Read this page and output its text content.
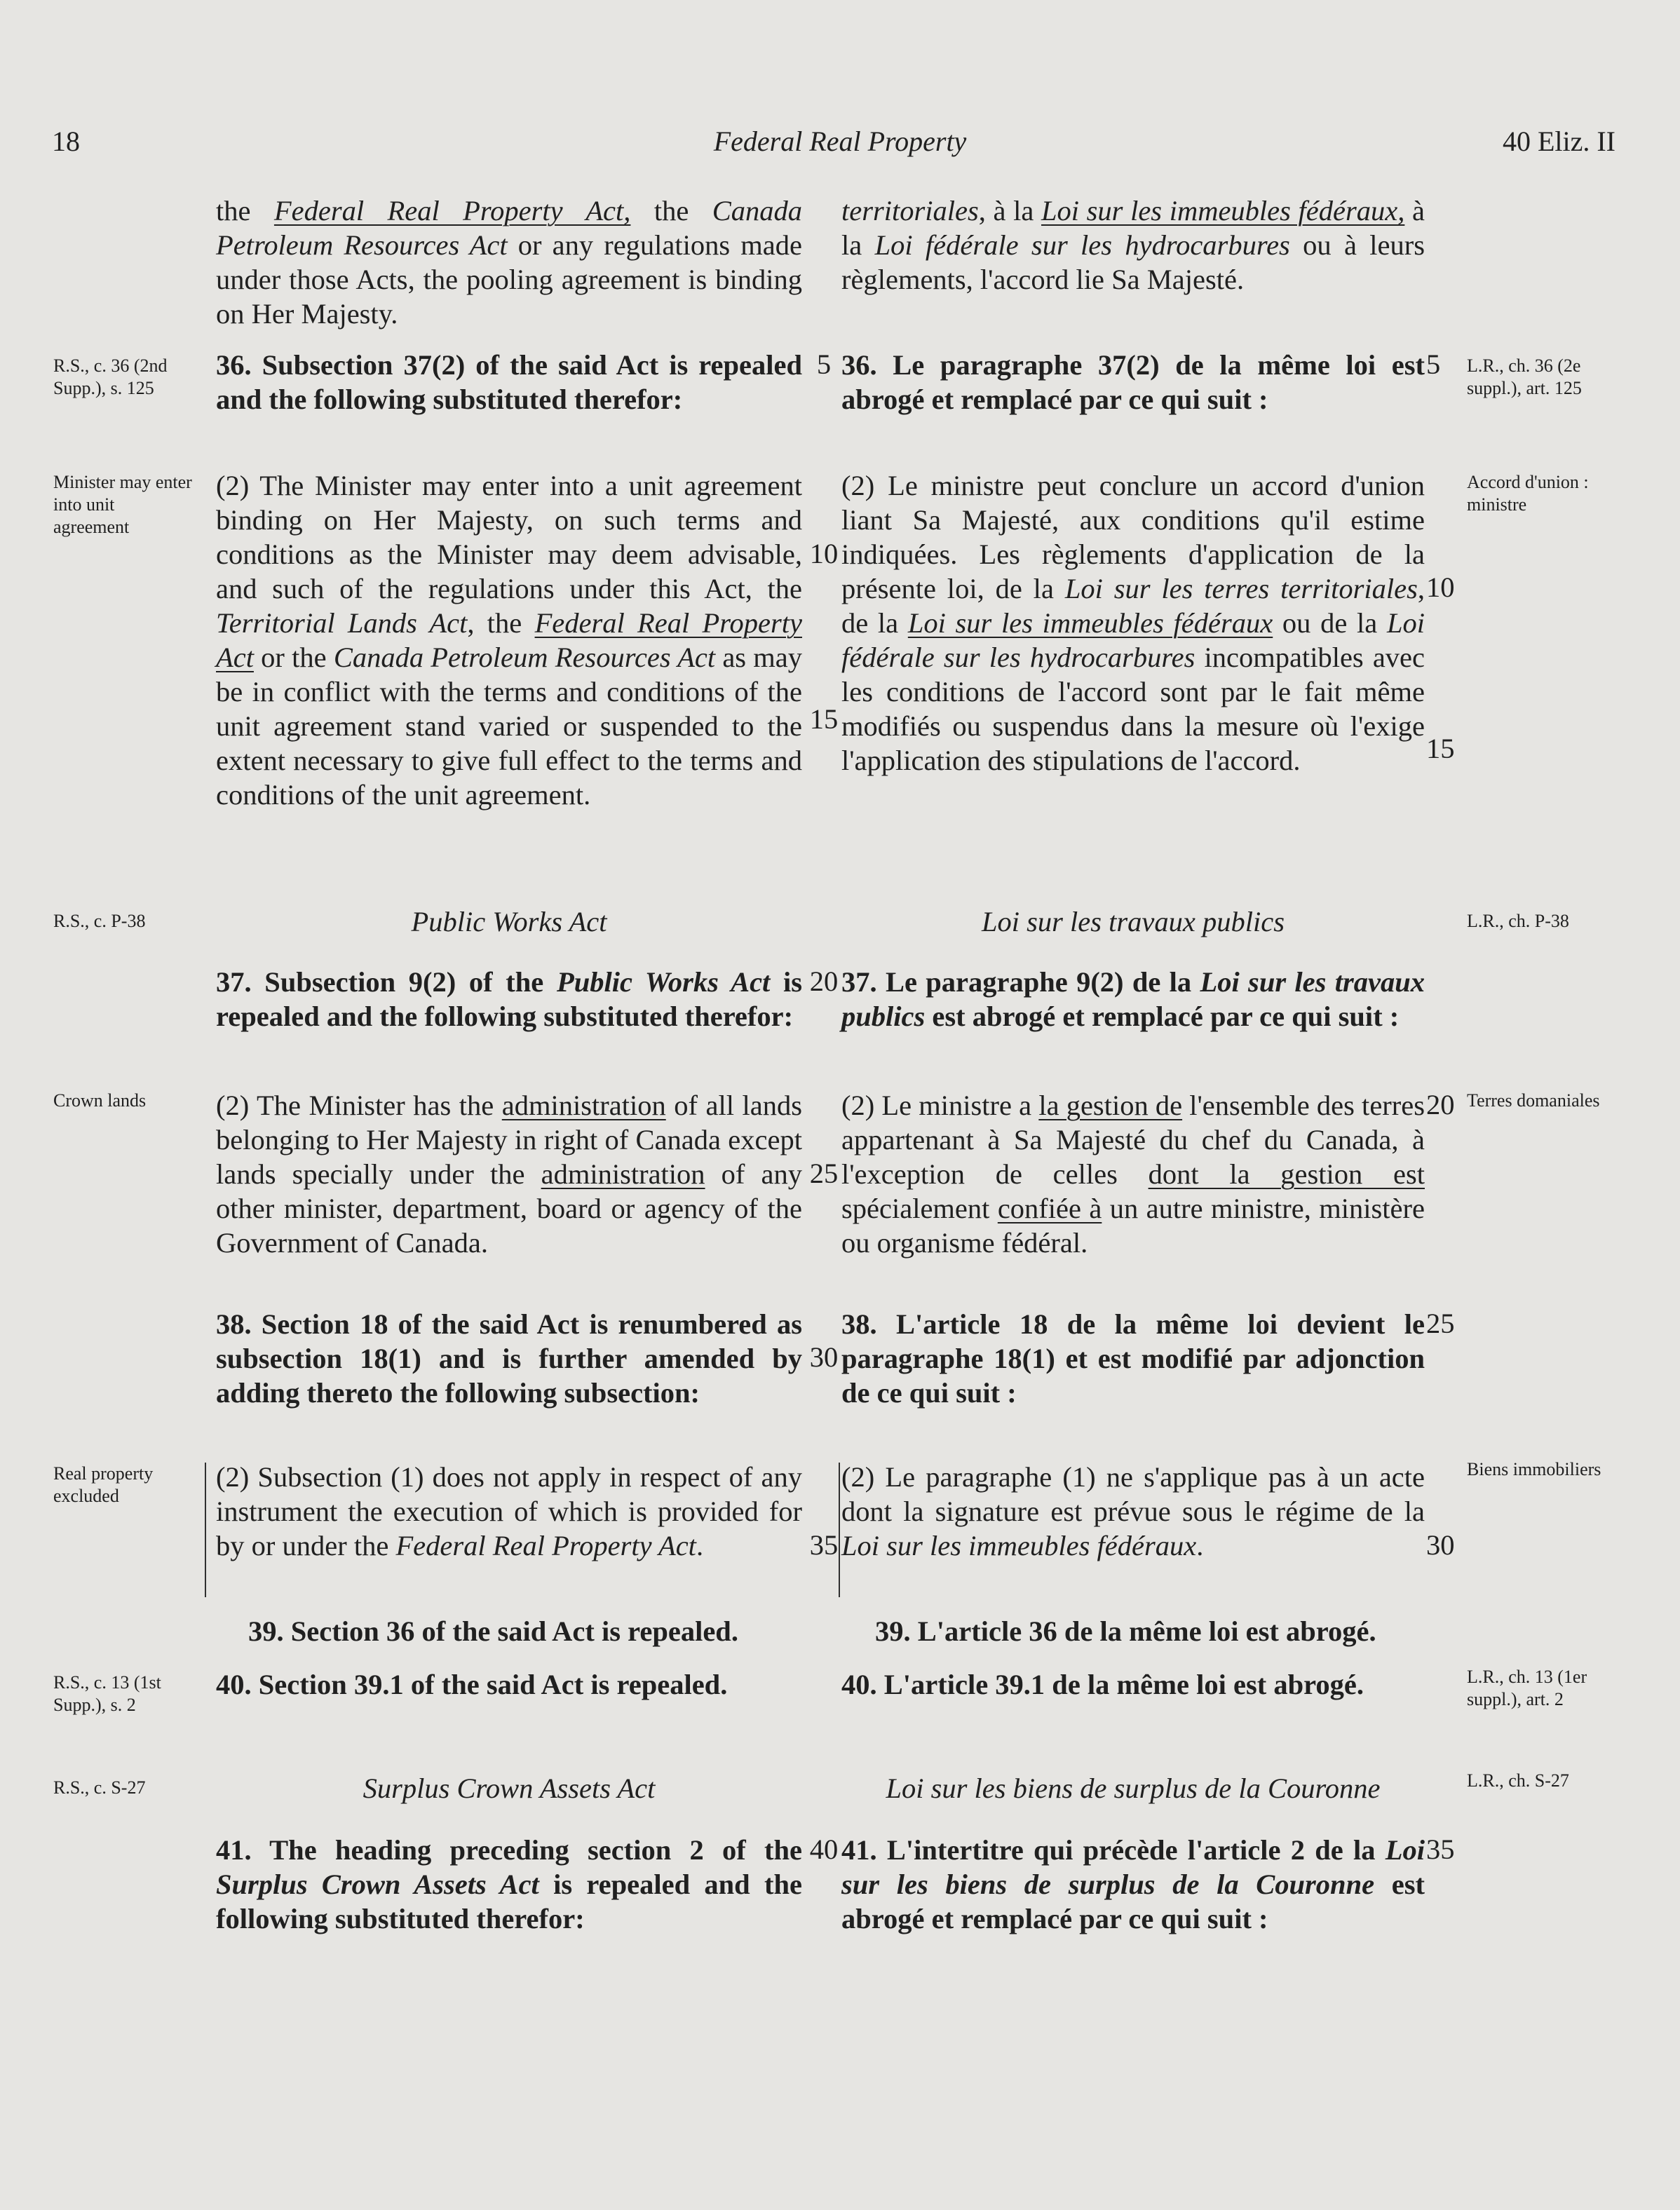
18	Federal Real Property	40 Eliz. II
the Federal Real Property Act, the Canada Petroleum Resources Act or any regulations made under those Acts, the pooling agreement is binding on Her Majesty.
territoriales, à la Loi sur les immeubles fédéraux, à la Loi fédérale sur les hydrocarbures ou à leurs règlements, l'accord lie Sa Majesté.
R.S., c. 36 (2nd Supp.), s. 125
36. Subsection 37(2) of the said Act is repealed and the following substituted therefor:
5 36. Le paragraphe 37(2) de la même loi est abrogé et remplacé par ce qui suit :
5	L.R., ch. 36 (2e suppl.), art. 125
Minister may enter into unit agreement
(2) The Minister may enter into a unit agreement binding on Her Majesty, on such terms and conditions as the Minister may deem advisable, and such of the regulations under this Act, the Territorial Lands Act, the Federal Real Property Act or the Canada Petroleum Resources Act as may be in conflict with the terms and conditions of the unit agreement stand varied or suspended to the extent necessary to give full effect to the terms and conditions of the unit agreement.
10
15
(2) Le ministre peut conclure un accord d'union liant Sa Majesté, aux conditions qu'il estime indiquées. Les règlements d'application de la présente loi, de la Loi sur les terres territoriales, de la Loi sur les immeubles fédéraux ou de la Loi fédérale sur les hydrocarbures incompatibles avec les conditions de l'accord sont par le fait même modifiés ou suspendus dans la mesure où l'exige l'application des stipulations de l'accord.
10
15
Accord d'union : ministre
R.S., c. P-38	Public Works Act	Loi sur les travaux publics	L.R., ch. P-38
37. Subsection 9(2) of the Public Works Act is repealed and the following substituted therefor:
20 37. Le paragraphe 9(2) de la Loi sur les travaux publics est abrogé et remplacé par ce qui suit :
Crown lands	(2) The Minister has the administration of all lands belonging to Her Majesty in right of Canada except lands specially under the administration of any other minister, department, board or agency of the Government of Canada.
25
(2) Le ministre a la gestion de l'ensemble des terres appartenant à Sa Majesté du chef du Canada, à l'exception de celles dont la gestion est spécialement confiée à un autre ministre, ministère ou organisme fédéral.
20 Terres domaniales
38. Section 18 of the said Act is renumbered as subsection 18(1) and is further amended by adding thereto the following subsection:
30
38. L'article 18 de la même loi devient le paragraphe 18(1) et est modifié par adjonction de ce qui suit :
25
Real property excluded
(2) Subsection (1) does not apply in respect of any instrument the execution of which is provided for by or under the Federal Real Property Act.	35
(2) Le paragraphe (1) ne s'applique pas à un acte dont la signature est prévue sous le régime de la Loi sur les immeubles fédéraux.	30
Biens immobiliers
39. Section 36 of the said Act is repealed.	39. L'article 36 de la même loi est abrogé.
R.S., c. 13 (1st Supp.), s. 2
40. Section 39.1 of the said Act is repealed.	40. L'article 39.1 de la même loi est abrogé.	L.R., ch. 13 (1er suppl.), art. 2
R.S., c. S-27	Surplus Crown Assets Act	Loi sur les biens de surplus de la Couronne	L.R., ch. S-27
41. The heading preceding section 2 of the Surplus Crown Assets Act is repealed and the following substituted therefor:
40 41. L'intertitre qui précède l'article 2 de la Loi sur les biens de surplus de la Couronne est abrogé et remplacé par ce qui suit :
35
